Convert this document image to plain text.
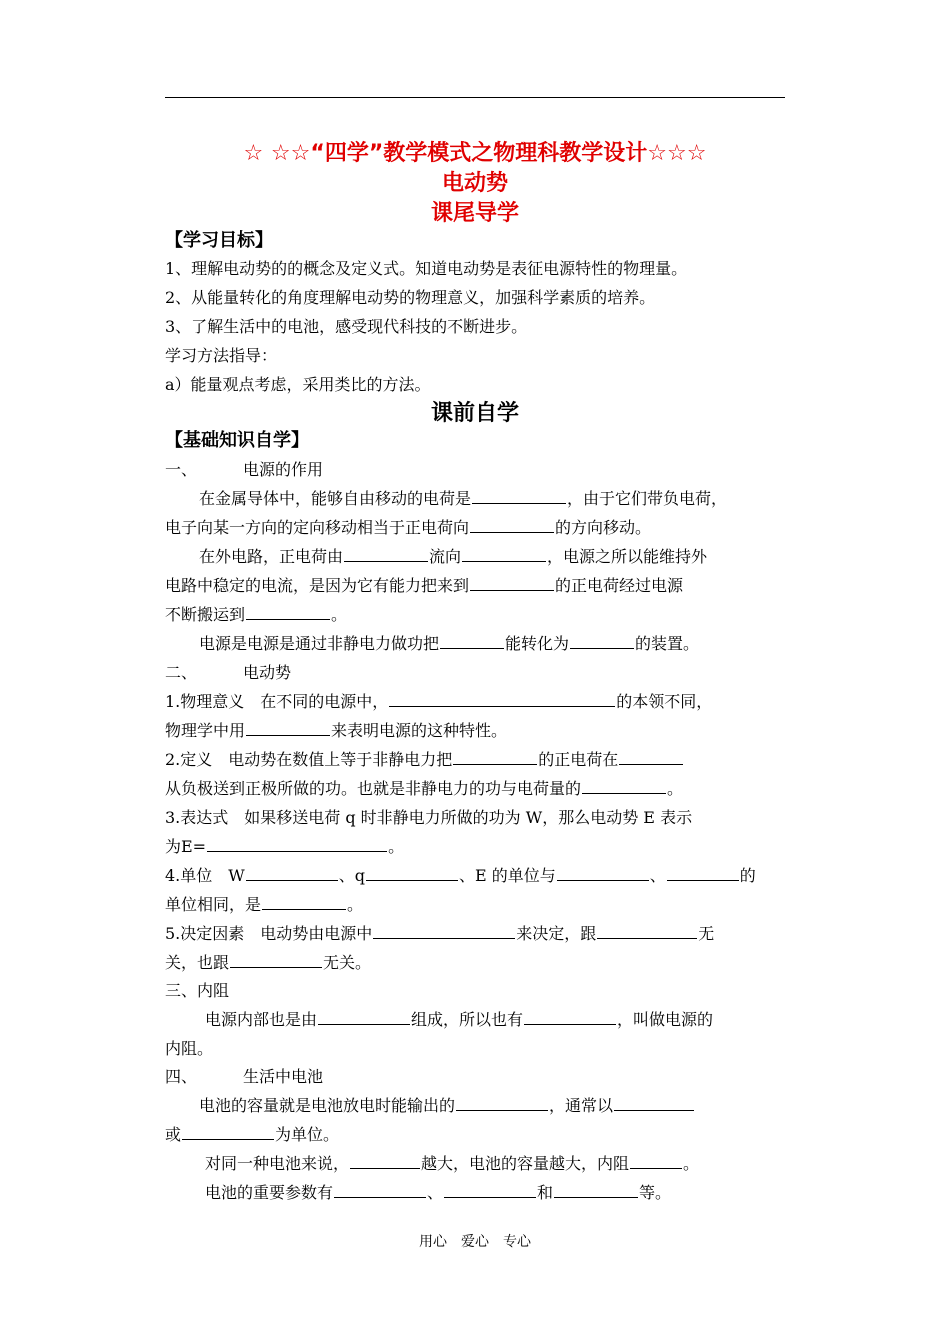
☆ ☆☆“四学”教学模式之物理科教学设计☆☆☆
电动势
课尾导学
【学习目标】
1、理解电动势的的概念及定义式。知道电动势是表征电源特性的物理量。
2、从能量转化的角度理解电动势的物理意义，加强科学素质的培养。
3、了解生活中的电池，感受现代科技的不断进步。
学习方法指导：
a）能量观点考虑，采用类比的方法。
课前自学
【基础知识自学】
一、	电源的作用
在金属导体中，能够自由移动的电荷是	，由于它们带负电荷，
电子向某一方向的定向移动相当于正电荷向	的方向移动。
在外电路，正电荷由	流向	，电源之所以能维持外
电路中稳定的电流，是因为它有能力把来到	的正电荷经过电源
不断搬运到	。
电源是电源是通过非静电力做功把	能转化为	的装置。
二、	电动势
1.物理意义　在不同的电源中，	的本领不同，
物理学中用	来表明电源的这种特性。
2.定义　电动势在数值上等于非静电力把	的正电荷在
从负极送到正极所做的功。也就是非静电力的功与电荷量的	。
3.表达式　如果移送电荷 q 时非静电力所做的功为 W，那么电动势 E 表示
为E=	。
4.单位　W	、q	、E 的单位与	、	的
单位相同，是	。
5.决定因素　电动势由电源中	来决定，跟	无
关，也跟	无关。
三、内阻
电源内部也是由	组成，所以也有	，叫做电源的
内阻。
四、	生活中电池
电池的容量就是电池放电时能输出的	，通常以
或	为单位。
对同一种电池来说，	越大，电池的容量越大，内阻	。
电池的重要参数有	、	和	等。
用心　爱心　专心
